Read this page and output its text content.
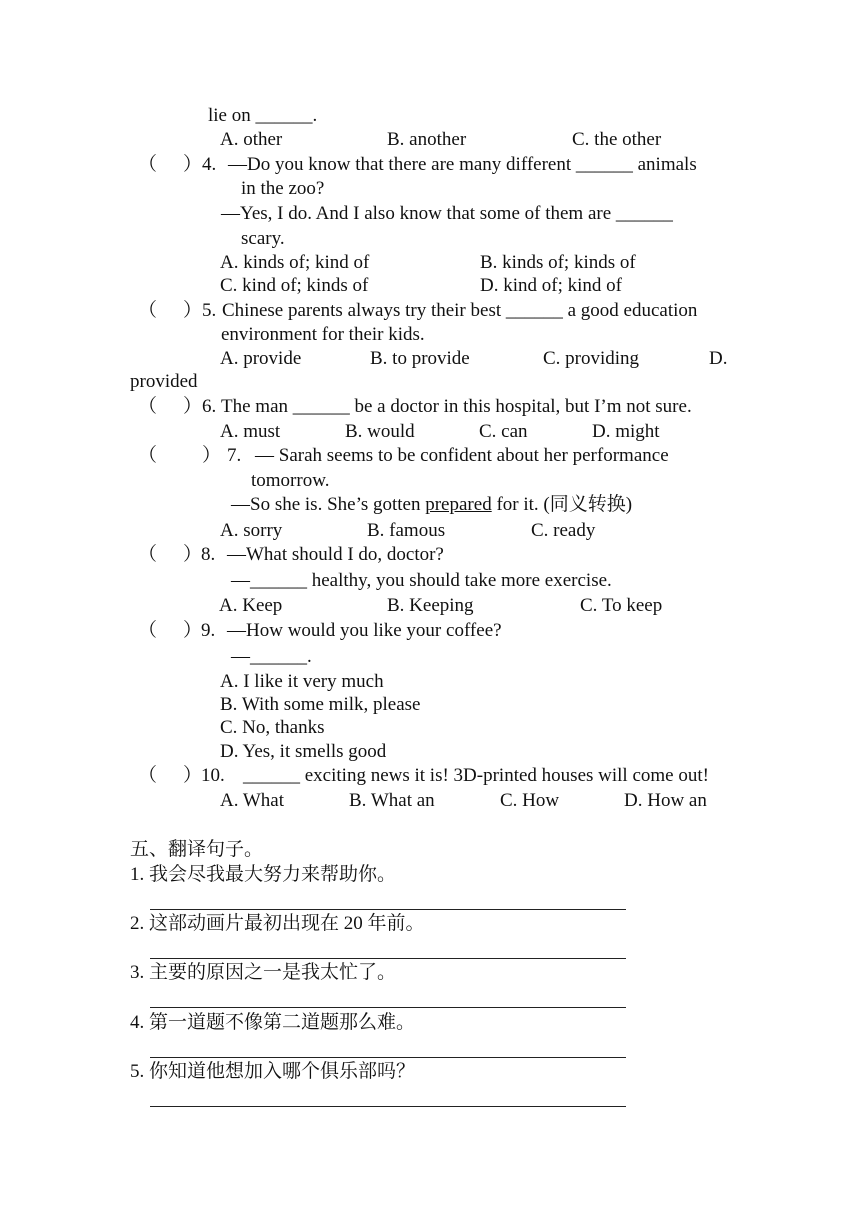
lie on ______.
A. other	B. another	C. the other
（ ） 4. —Do you know that there are many different ______ animals
in the zoo?
—Yes, I do. And I also know that some of them are ______
scary.
A. kinds of; kind of	B. kinds of; kinds of
C. kind of; kinds of	D. kind of; kind of
（ ） 5. Chinese parents always try their best ______ a good education
environment for their kids.
A. provide	B. to provide	C. providing	D.
provided
（ ） 6. The man ______ be a doctor in this hospital, but I’m not sure.
A. must	B. would	C. can	D. might
（ ） 7. — Sarah seems to be confident about her performance
tomorrow.
—So she is. She’s gotten prepared for it. (同义转换)
A. sorry	B. famous	C. ready
（ ）
8. —What should I do, doctor?
—______ healthy, you should take more exercise.
A. Keep	B. Keeping	C. To keep
（ ）
9. —How would you like your coffee?
—______.
A. I like it very much
B. With some milk, please
C. No, thanks
D. Yes, it smells good
（ ）
10. ______ exciting news it is! 3D-printed houses will come out!
A. What	B. What an	C. How	D. How an
五、翻译句子。
1. 我会尽我最大努力来帮助你。
2. 这部动画片最初出现在 20 年前。
3. 主要的原因之一是我太忙了。
4. 第一道题不像第二道题那么难。
5. 你知道他想加入哪个俱乐部吗？
